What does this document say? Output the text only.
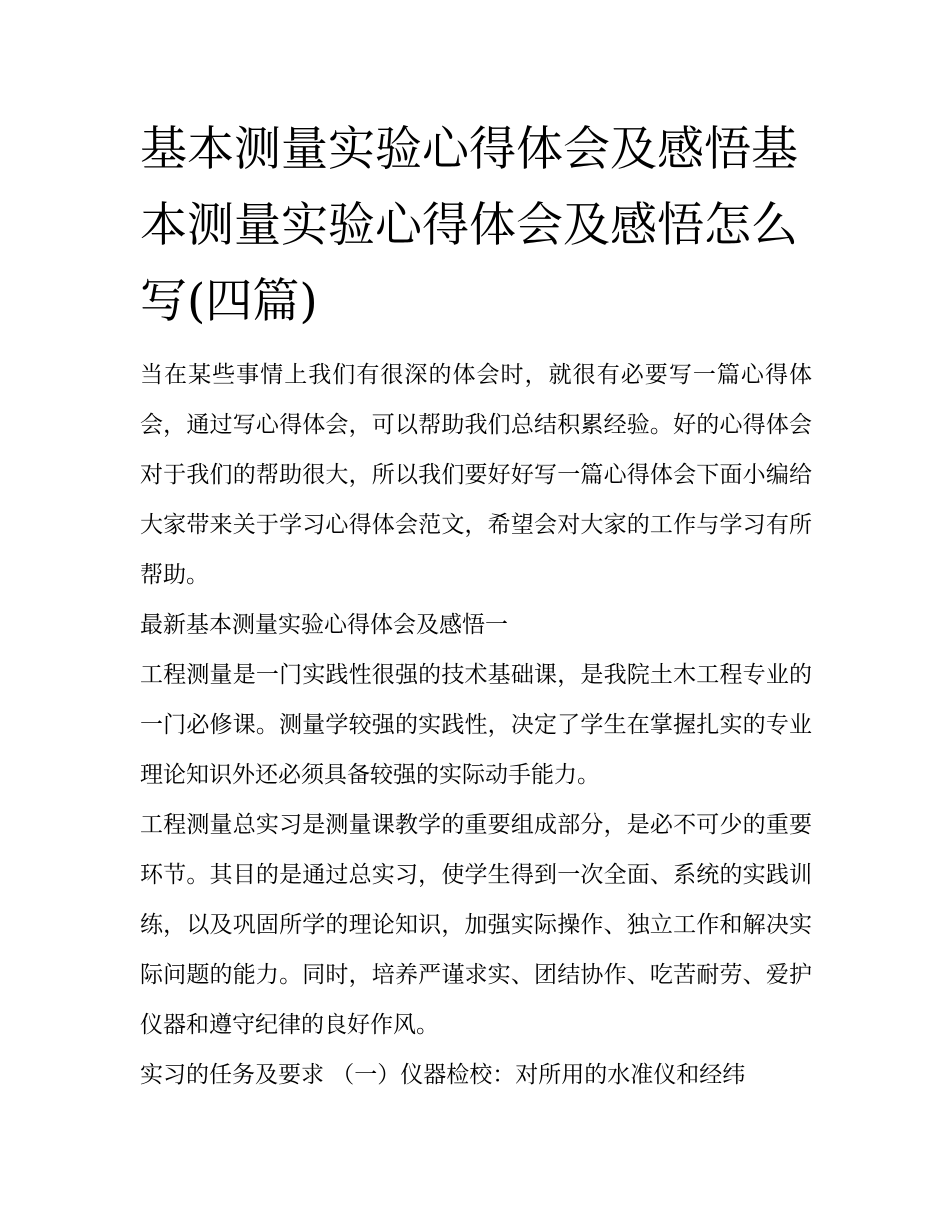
基本测量实验心得体会及感悟基本测量实验心得体会及感悟怎么写(四篇)

当在某些事情上我们有很深的体会时，就很有必要写一篇心得体会，通过写心得体会，可以帮助我们总结积累经验。好的心得体会对于我们的帮助很大，所以我们要好好写一篇心得体会下面小编给大家带来关于学习心得体会范文，希望会对大家的工作与学习有所帮助。

最新基本测量实验心得体会及感悟一

工程测量是一门实践性很强的技术基础课，是我院土木工程专业的一门必修课。测量学较强的实践性，决定了学生在掌握扎实的专业理论知识外还必须具备较强的实际动手能力。

工程测量总实习是测量课教学的重要组成部分，是必不可少的重要环节。其目的是通过总实习，使学生得到一次全面、系统的实践训练，以及巩固所学的理论知识，加强实际操作、独立工作和解决实际问题的能力。同时，培养严谨求实、团结协作、吃苦耐劳、爱护仪器和遵守纪律的良好作风。

实习的任务及要求 （一）仪器检校：对所用的水准仪和经纬
